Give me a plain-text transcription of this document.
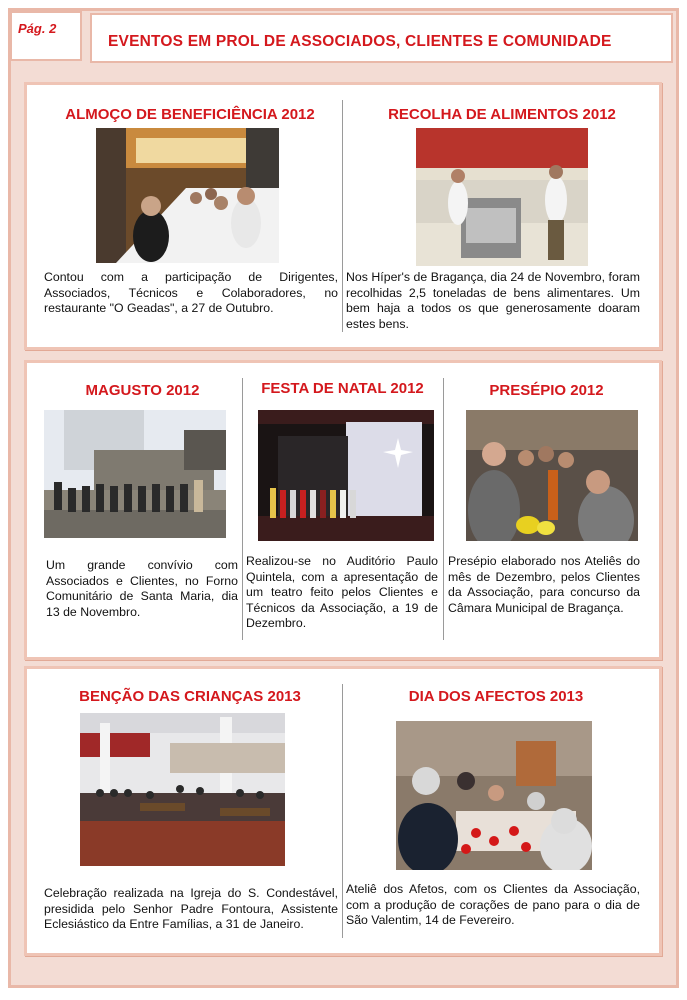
Pág. 2
EVENTOS EM PROL DE ASSOCIADOS, CLIENTES E COMUNIDADE
ALMOÇO DE BENEFICIÊNCIA 2012
Contou com a participação de Dirigentes, Associados, Técnicos e Colaboradores, no restaurante "O Geadas", a 27 de Outubro.
RECOLHA DE ALIMENTOS 2012
Nos Híper's de Bragança, dia 24 de Novembro, foram recolhidas 2,5 toneladas de bens alimentares. Um bem haja a todos os que generosamente doaram estes bens.
MAGUSTO 2012
Um grande convívio com Associados e Clientes, no Forno Comunitário de Santa Maria, dia 13 de Novembro.
FESTA DE NATAL 2012
Realizou-se no Auditório Paulo Quintela, com a apresentação de um teatro feito pelos Clientes e Técnicos da Associação, a 19 de Dezembro.
PRESÉPIO 2012
Presépio elaborado nos Ateliês do mês de Dezembro, pelos Clientes da Associação, para concurso da Câmara Municipal de Bragança.
BENÇÃO DAS CRIANÇAS 2013
Celebração realizada na Igreja do S. Condestável, presidida pelo Senhor Padre Fontoura, Assistente Eclesiástico da Entre Famílias, a 31 de Janeiro.
DIA DOS AFECTOS 2013
Ateliê dos Afetos, com os Clientes da Associação, com a produção de corações de pano para o dia de São Valentim, 14 de Fevereiro.
